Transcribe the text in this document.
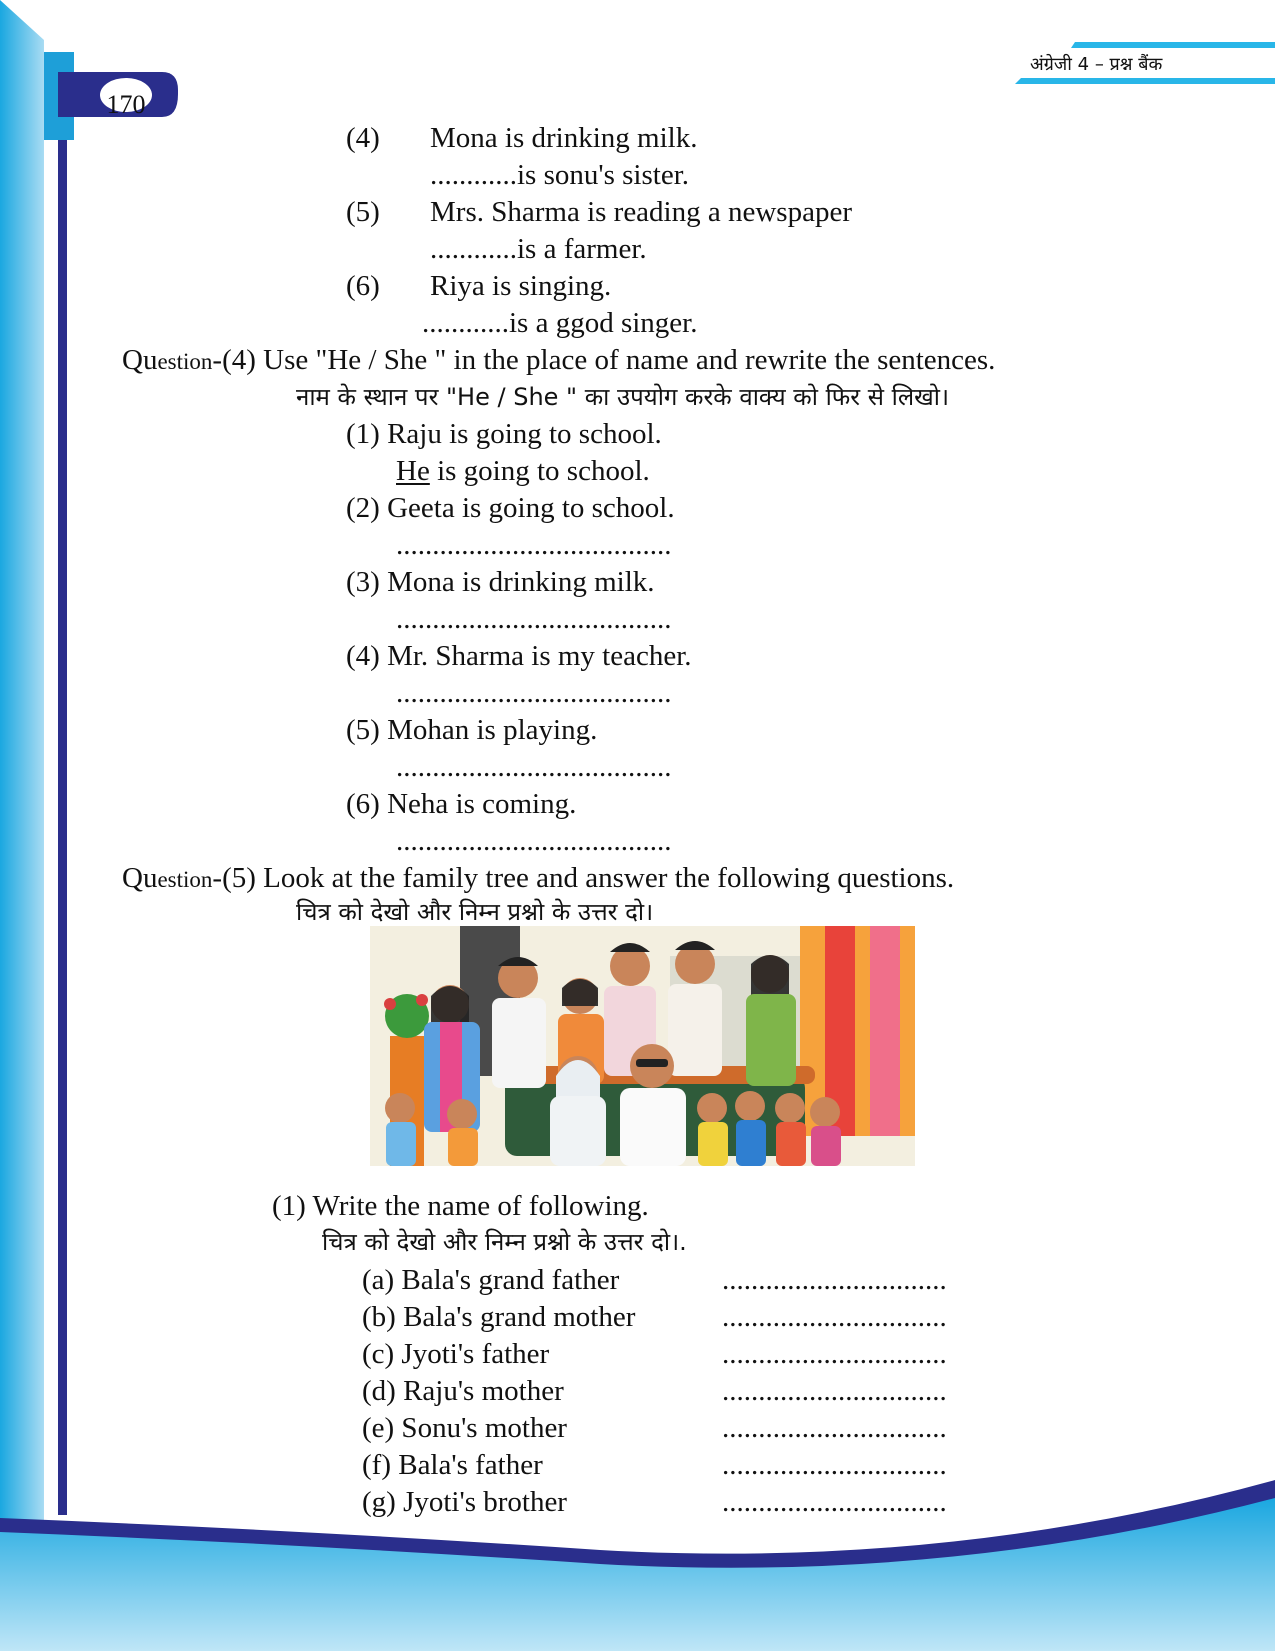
170
अंग्रेजी 4 – प्रश्न बैंक
(4) Mona is drinking milk.
............is sonu's sister.
(5) Mrs. Sharma is reading a newspaper
............is a farmer.
(6) Riya is singing.
............is a ggod singer.
Question-(4) Use "He / She " in the place of name and rewrite the sentences.
नाम के स्थान पर "He / She " का उपयोग करके वाक्य को फिर से लिखो।
(1) Raju is going to school.
He is going to school.
(2) Geeta is going to school.
......................................
(3) Mona is drinking milk.
......................................
(4) Mr. Sharma is my teacher.
......................................
(5) Mohan is playing.
......................................
(6) Neha is coming.
......................................
Question-(5) Look at the family tree and answer the following questions.
चित्र को देखो और निम्न प्रश्नो के उत्तर दो।
(1) Write the name of following.
चित्र को देखो और निम्न प्रश्नो के उत्तर दो।.
(a) Bala's grand father	...............................
(b) Bala's grand mother	...............................
(c) Jyoti's father	...............................
(d) Raju's mother	...............................
(e) Sonu's mother	...............................
(f) Bala's father	...............................
(g) Jyoti's brother	...............................
